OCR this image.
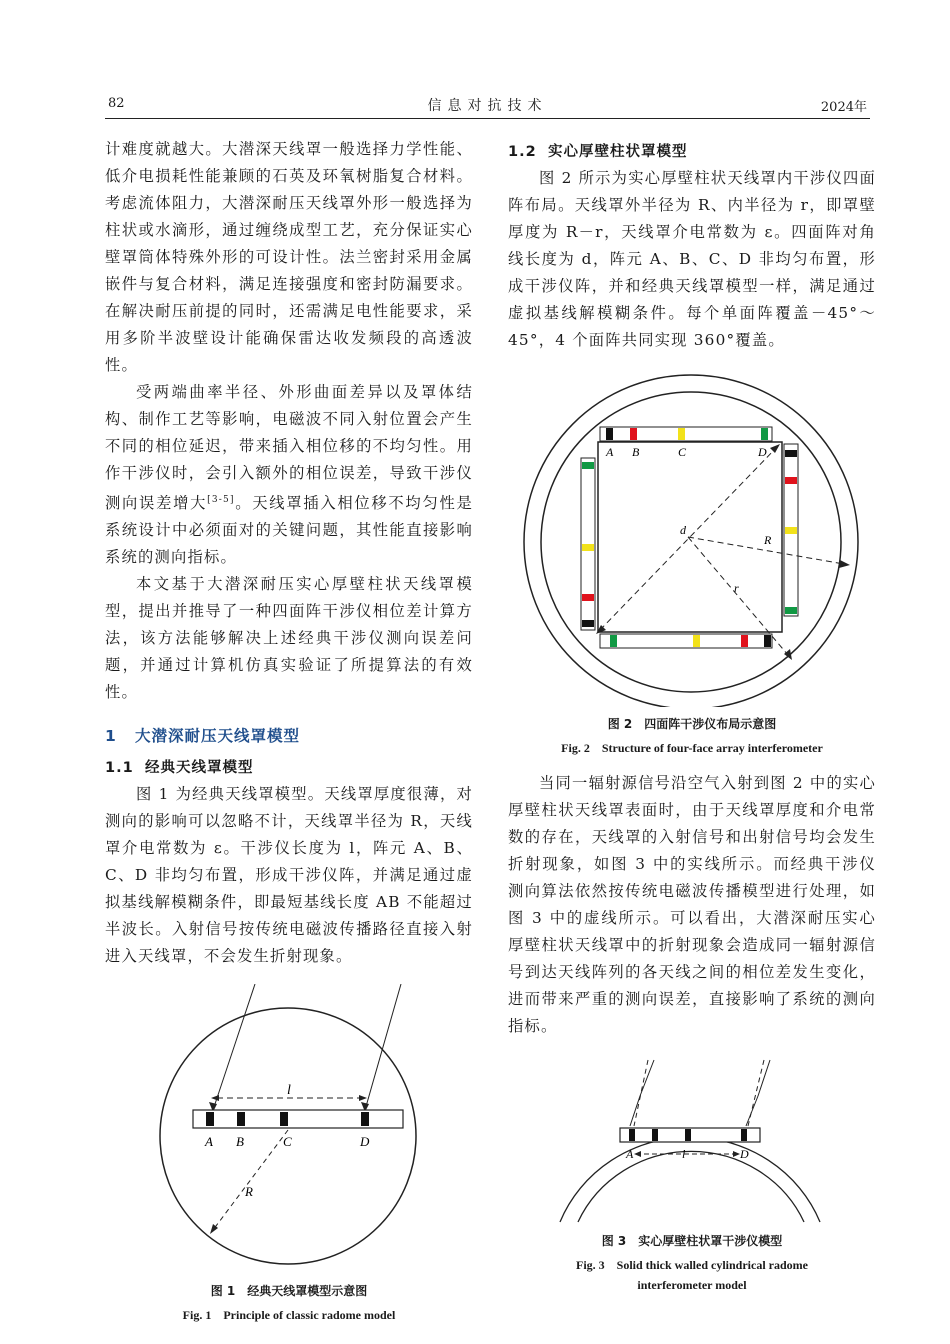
82	信息对抗技术	2024年

计难度就越大。大潜深天线罩一般选择力学性能、低介电损耗性能兼顾的石英及环氧树脂复合材料。考虑流体阻力，大潜深耐压天线罩外形一般选择为柱状或水滴形，通过缠绕成型工艺，充分保证实心壁罩筒体特殊外形的可设计性。法兰密封采用金属嵌件与复合材料，满足连接强度和密封防漏要求。在解决耐压前提的同时，还需满足电性能要求，采用多阶半波壁设计能确保雷达收发频段的高透波性。

受两端曲率半径、外形曲面差异以及罩体结构、制作工艺等影响，电磁波不同入射位置会产生不同的相位延迟，带来插入相位移的不均匀性。用作干涉仪时，会引入额外的相位误差，导致干涉仪测向误差增大[3-5]。天线罩插入相位移不均匀性是系统设计中必须面对的关键问题，其性能直接影响系统的测向指标。

本文基于大潜深耐压实心厚壁柱状天线罩模型，提出并推导了一种四面阵干涉仪相位差计算方法，该方法能够解决上述经典干涉仪测向误差问题，并通过计算机仿真实验证了所提算法的有效性。

1 大潜深耐压天线罩模型
1.1 经典天线罩模型

图 1 为经典天线罩模型。天线罩厚度很薄，对测向的影响可以忽略不计，天线罩半径为 R，天线罩介电常数为 ε。干涉仪长度为 l，阵元 A、B、C、D 非均匀布置，形成干涉仪阵，并满足通过虚拟基线解模糊条件，即最短基线长度 AB 不能超过半波长。入射信号按传统电磁波传播路径直接入射进入天线罩，不会发生折射现象。

l
A B	C	D
R
图 1　经典天线罩模型示意图
Fig. 1　Principle of classic radome model
1.2 实心厚壁柱状罩模型

图 2 所示为实心厚壁柱状天线罩内干涉仪四面阵布局。天线罩外半径为 R、内半径为 r，即罩壁厚度为 R－r，天线罩介电常数为 ε。四面阵对角线长度为 d，阵元 A、B、C、D 非均匀布置，形成干涉仪阵，并和经典天线罩模型一样，满足通过虚拟基线解模糊条件。每个单面阵覆盖－45°～45°，4 个面阵共同实现 360°覆盖。

A B	C	D
d
R
r
图 2　四面阵干涉仪布局示意图
Fig. 2　Structure of four-face array interferometer

当同一辐射源信号沿空气入射到图 2 中的实心厚壁柱状天线罩表面时，由于天线罩厚度和介电常数的存在，天线罩的入射信号和出射信号均会发生折射现象，如图 3 中的实线所示。而经典干涉仪测向算法依然按传统电磁波传播模型进行处理，如图 3 中的虚线所示。可以看出，大潜深耐压实心厚壁柱状天线罩中的折射现象会造成同一辐射源信号到达天线阵列的各天线之间的相位差发生变化，进而带来严重的测向误差，直接影响了系统的测向指标。

A	l	D
图 3　实心厚壁柱状罩干涉仪模型
Fig. 3　Solid thick walled cylindrical radome
interferometer model
